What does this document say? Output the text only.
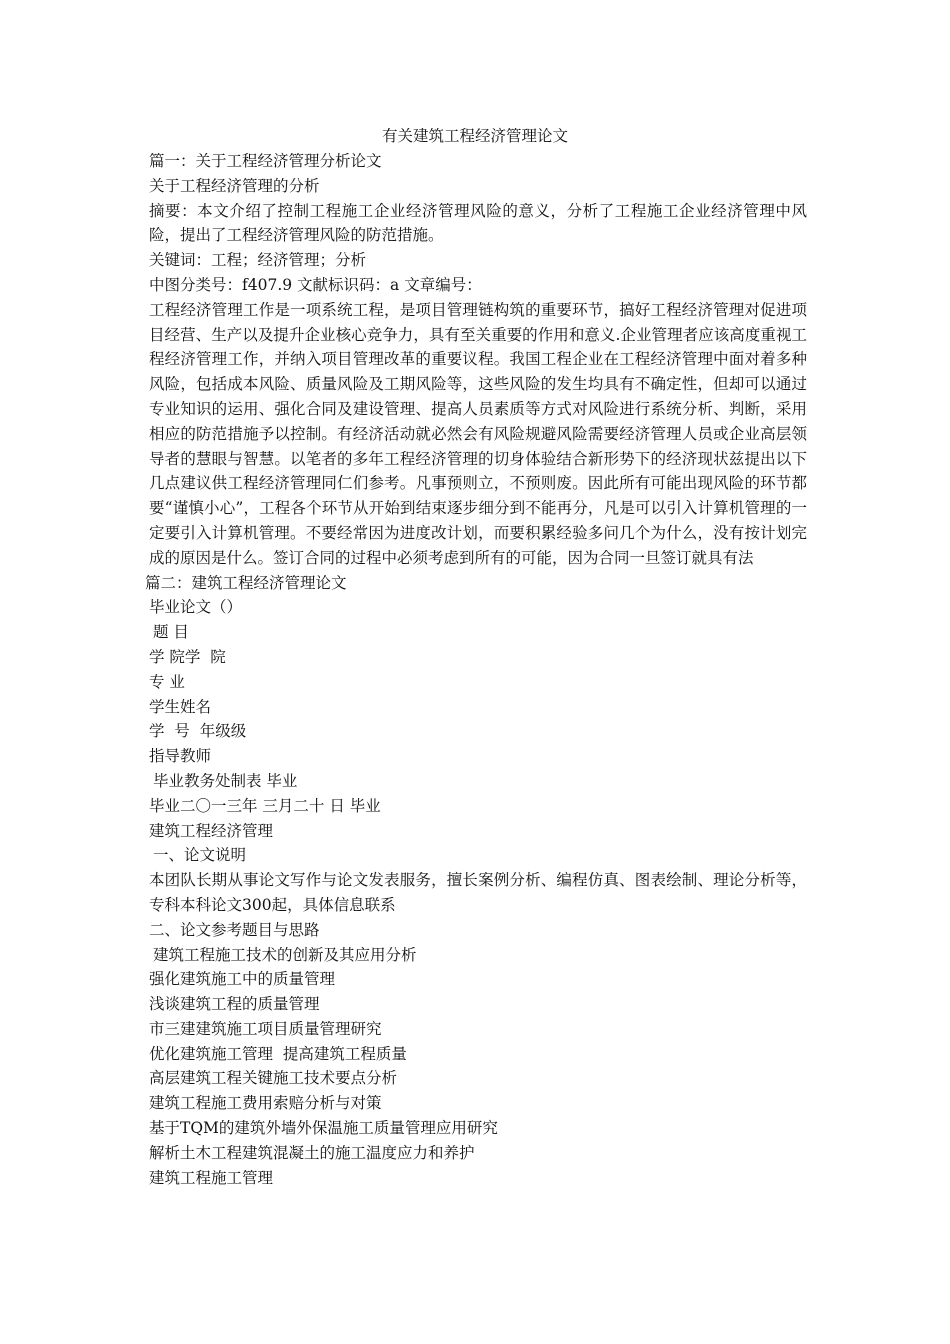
有关建筑工程经济管理论文
篇一：关于工程经济管理分析论文
关于工程经济管理的分析
摘要：本文介绍了控制工程施工企业经济管理风险的意义，分析了工程施工企业经济管理中风险，提出了工程经济管理风险的防范措施。
关键词：工程；经济管理；分析
中图分类号：f407.9 文献标识码：a 文章编号：
工程经济管理工作是一项系统工程，是项目管理链构筑的重要环节，搞好工程经济管理对促进项目经营、生产以及提升企业核心竞争力，具有至关重要的作用和意义.企业管理者应该高度重视工程经济管理工作，并纳入项目管理改革的重要议程。我国工程企业在工程经济管理中面对着多种风险，包括成本风险、质量风险及工期风险等，这些风险的发生均具有不确定性，但却可以通过专业知识的运用、强化合同及建设管理、提高人员素质等方式对风险进行系统分析、判断，采用相应的防范措施予以控制。有经济活动就必然会有风险规避风险需要经济管理人员或企业高层领导者的慧眼与智慧。以笔者的多年工程经济管理的切身体验结合新形势下的经济现状兹提出以下几点建议供工程经济管理同仁们参考。凡事预则立，不预则废。因此所有可能出现风险的环节都要“谨慎小心”，工程各个环节从开始到结束逐步细分到不能再分，凡是可以引入计算机管理的一定要引入计算机管理。不要经常因为进度改计划，而要积累经验多问几个为什么，没有按计划完成的原因是什么。签订合同的过程中必须考虑到所有的可能，因为合同一旦签订就具有法
篇二：建筑工程经济管理论文
毕业论文（）
题 目
学 院学  院
专 业
学生姓名
学  号  年级级
指导教师
毕业教务处制表 毕业
毕业二〇一三年 三月二十 日 毕业
建筑工程经济管理
一、论文说明
本团队长期从事论文写作与论文发表服务，擅长案例分析、编程仿真、图表绘制、理论分析等，专科本科论文300起，具体信息联系
二、论文参考题目与思路
建筑工程施工技术的创新及其应用分析
强化建筑施工中的质量管理
浅谈建筑工程的质量管理
市三建建筑施工项目质量管理研究
优化建筑施工管理  提高建筑工程质量
高层建筑工程关键施工技术要点分析
建筑工程施工费用索赔分析与对策
基于TQM的建筑外墙外保温施工质量管理应用研究
解析土木工程建筑混凝土的施工温度应力和养护
建筑工程施工管理
